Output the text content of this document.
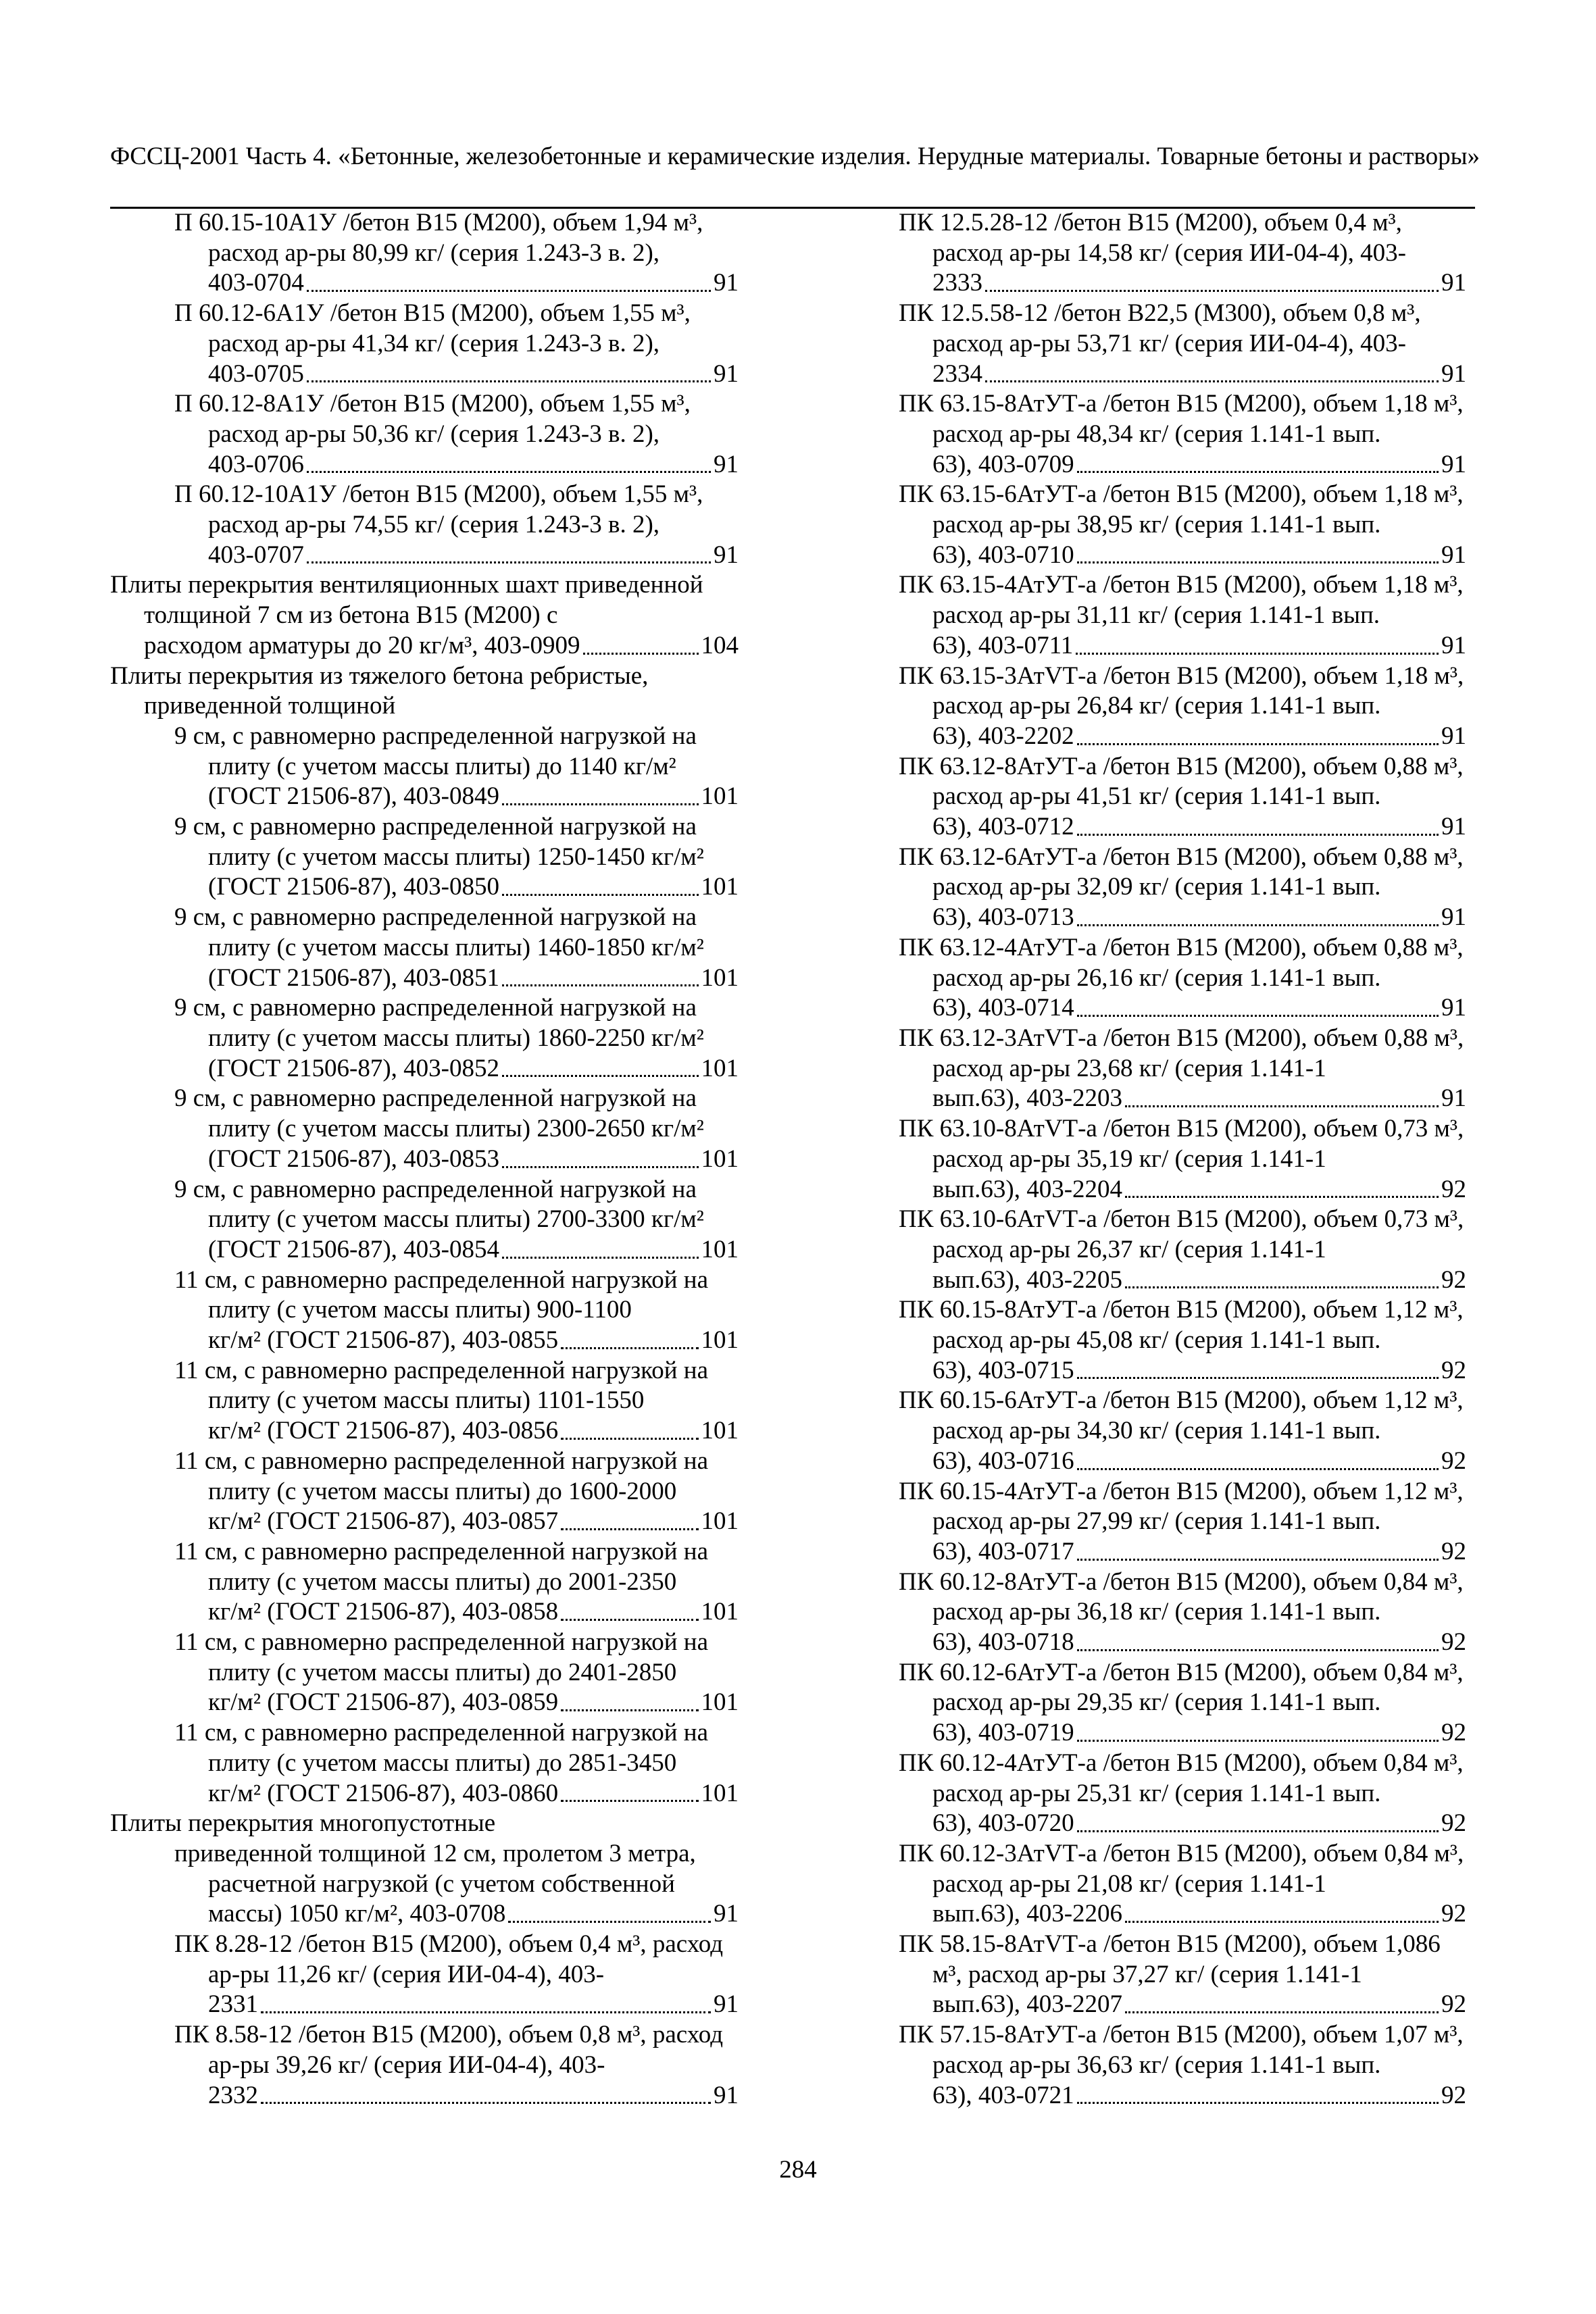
ФССЦ-2001 Часть 4. «Бетонные, железобетонные и керамические изделия. Нерудные материалы. Товарные бетоны и растворы»
П 60.15-10А1У /бетон В15 (М200), объем 1,94 м³, расход ар-ры 80,99 кг/ (серия 1.243-3 в. 2),
403-0704	91
П 60.12-6А1У /бетон В15 (М200), объем 1,55 м³, расход ар-ры 41,34 кг/ (серия 1.243-3 в. 2),
403-0705	91
П 60.12-8А1У /бетон В15 (М200), объем 1,55 м³, расход ар-ры 50,36 кг/ (серия 1.243-3 в. 2),
403-0706	91
П 60.12-10А1У /бетон В15 (М200), объем 1,55 м³, расход ар-ры 74,55 кг/ (серия 1.243-3 в. 2),
403-0707	91
Плиты перекрытия вентиляционных шахт приведенной толщиной 7 см из бетона В15 (М200) с
расходом арматуры до 20 кг/м³, 403-0909	104
Плиты перекрытия из тяжелого бетона ребристые, приведенной толщиной
9 см, с равномерно распределенной нагрузкой на плиту (с учетом массы плиты) до 1140 кг/м²
(ГОСТ 21506-87), 403-0849	101
9 см, с равномерно распределенной нагрузкой на плиту (с учетом массы плиты) 1250-1450 кг/м²
(ГОСТ 21506-87), 403-0850	101
9 см, с равномерно распределенной нагрузкой на плиту (с учетом массы плиты) 1460-1850 кг/м²
(ГОСТ 21506-87), 403-0851	101
9 см, с равномерно распределенной нагрузкой на плиту (с учетом массы плиты) 1860-2250 кг/м²
(ГОСТ 21506-87), 403-0852	101
9 см, с равномерно распределенной нагрузкой на плиту (с учетом массы плиты) 2300-2650 кг/м²
(ГОСТ 21506-87), 403-0853	101
9 см, с равномерно распределенной нагрузкой на плиту (с учетом массы плиты) 2700-3300 кг/м²
(ГОСТ 21506-87), 403-0854	101
11 см, с равномерно распределенной нагрузкой на плиту (с учетом массы плиты) 900-1100
кг/м² (ГОСТ 21506-87), 403-0855	101
11 см, с равномерно распределенной нагрузкой на плиту (с учетом массы плиты) 1101-1550
кг/м² (ГОСТ 21506-87), 403-0856	101
11 см, с равномерно распределенной нагрузкой на плиту (с учетом массы плиты) до 1600-2000
кг/м² (ГОСТ 21506-87), 403-0857	101
11 см, с равномерно распределенной нагрузкой на плиту (с учетом массы плиты) до 2001-2350
кг/м² (ГОСТ 21506-87), 403-0858	101
11 см, с равномерно распределенной нагрузкой на плиту (с учетом массы плиты) до 2401-2850
кг/м² (ГОСТ 21506-87), 403-0859	101
11 см, с равномерно распределенной нагрузкой на плиту (с учетом массы плиты) до 2851-3450
кг/м² (ГОСТ 21506-87), 403-0860	101
Плиты перекрытия многопустотные
приведенной толщиной 12 см, пролетом 3 метра, расчетной нагрузкой (с учетом собственной
массы) 1050 кг/м², 403-0708	91
ПК 8.28-12 /бетон В15 (М200), объем 0,4 м³, расход ар-ры 11,26 кг/ (серия ИИ-04-4), 403-
2331	91
ПК 8.58-12 /бетон В15 (М200), объем 0,8 м³, расход ар-ры 39,26 кг/ (серия ИИ-04-4), 403-
2332	91
ПК 12.5.28-12 /бетон В15 (М200), объем 0,4 м³, расход ар-ры 14,58 кг/ (серия ИИ-04-4), 403-
2333	91
ПК 12.5.58-12 /бетон В22,5 (М300), объем 0,8 м³, расход ар-ры 53,71 кг/ (серия ИИ-04-4), 403-
2334	91
ПК 63.15-8АтУТ-а /бетон В15 (М200), объем 1,18 м³, расход ар-ры 48,34 кг/ (серия 1.141-1 вып.
63), 403-0709	91
ПК 63.15-6АтУТ-а /бетон В15 (М200), объем 1,18 м³, расход ар-ры 38,95 кг/ (серия 1.141-1 вып.
63), 403-0710	91
ПК 63.15-4АтУТ-а /бетон В15 (М200), объем 1,18 м³, расход ар-ры 31,11 кг/ (серия 1.141-1 вып.
63), 403-0711	91
ПК 63.15-3АтVТ-а /бетон В15 (М200), объем 1,18 м³, расход ар-ры 26,84 кг/ (серия 1.141-1 вып.
63), 403-2202	91
ПК 63.12-8АтУТ-а /бетон В15 (М200), объем 0,88 м³, расход ар-ры 41,51 кг/ (серия 1.141-1 вып.
63), 403-0712	91
ПК 63.12-6АтУТ-а /бетон В15 (М200), объем 0,88 м³, расход ар-ры 32,09 кг/ (серия 1.141-1 вып.
63), 403-0713	91
ПК 63.12-4АтУТ-а /бетон В15 (М200), объем 0,88 м³, расход ар-ры 26,16 кг/ (серия 1.141-1 вып.
63), 403-0714	91
ПК 63.12-3АтVТ-а /бетон В15 (М200), объем 0,88 м³, расход ар-ры 23,68 кг/ (серия 1.141-1
вып.63), 403-2203	91
ПК 63.10-8АтVТ-а /бетон В15 (М200), объем 0,73 м³, расход ар-ры 35,19 кг/ (серия 1.141-1
вып.63), 403-2204	92
ПК 63.10-6АтVТ-а /бетон В15 (М200), объем 0,73 м³, расход ар-ры 26,37 кг/ (серия 1.141-1
вып.63), 403-2205	92
ПК 60.15-8АтУТ-а /бетон В15 (М200), объем 1,12 м³, расход ар-ры 45,08 кг/ (серия 1.141-1 вып.
63), 403-0715	92
ПК 60.15-6АтУТ-а /бетон В15 (М200), объем 1,12 м³, расход ар-ры 34,30 кг/ (серия 1.141-1 вып.
63), 403-0716	92
ПК 60.15-4АтУТ-а /бетон В15 (М200), объем 1,12 м³, расход ар-ры 27,99 кг/ (серия 1.141-1 вып.
63), 403-0717	92
ПК 60.12-8АтУТ-а /бетон В15 (М200), объем 0,84 м³, расход ар-ры 36,18 кг/ (серия 1.141-1 вып.
63), 403-0718	92
ПК 60.12-6АтУТ-а /бетон В15 (М200), объем 0,84 м³, расход ар-ры 29,35 кг/ (серия 1.141-1 вып.
63), 403-0719	92
ПК 60.12-4АтУТ-а /бетон В15 (М200), объем 0,84 м³, расход ар-ры 25,31 кг/ (серия 1.141-1 вып.
63), 403-0720	92
ПК 60.12-3АтVТ-а /бетон В15 (М200), объем 0,84 м³, расход ар-ры 21,08 кг/ (серия 1.141-1
вып.63), 403-2206	92
ПК 58.15-8АтVТ-а /бетон В15 (М200), объем 1,086 м³, расход ар-ры 37,27 кг/ (серия 1.141-1
вып.63), 403-2207	92
ПК 57.15-8АтУТ-а /бетон В15 (М200), объем 1,07 м³, расход ар-ры 36,63 кг/ (серия 1.141-1 вып.
63), 403-0721	92
284
